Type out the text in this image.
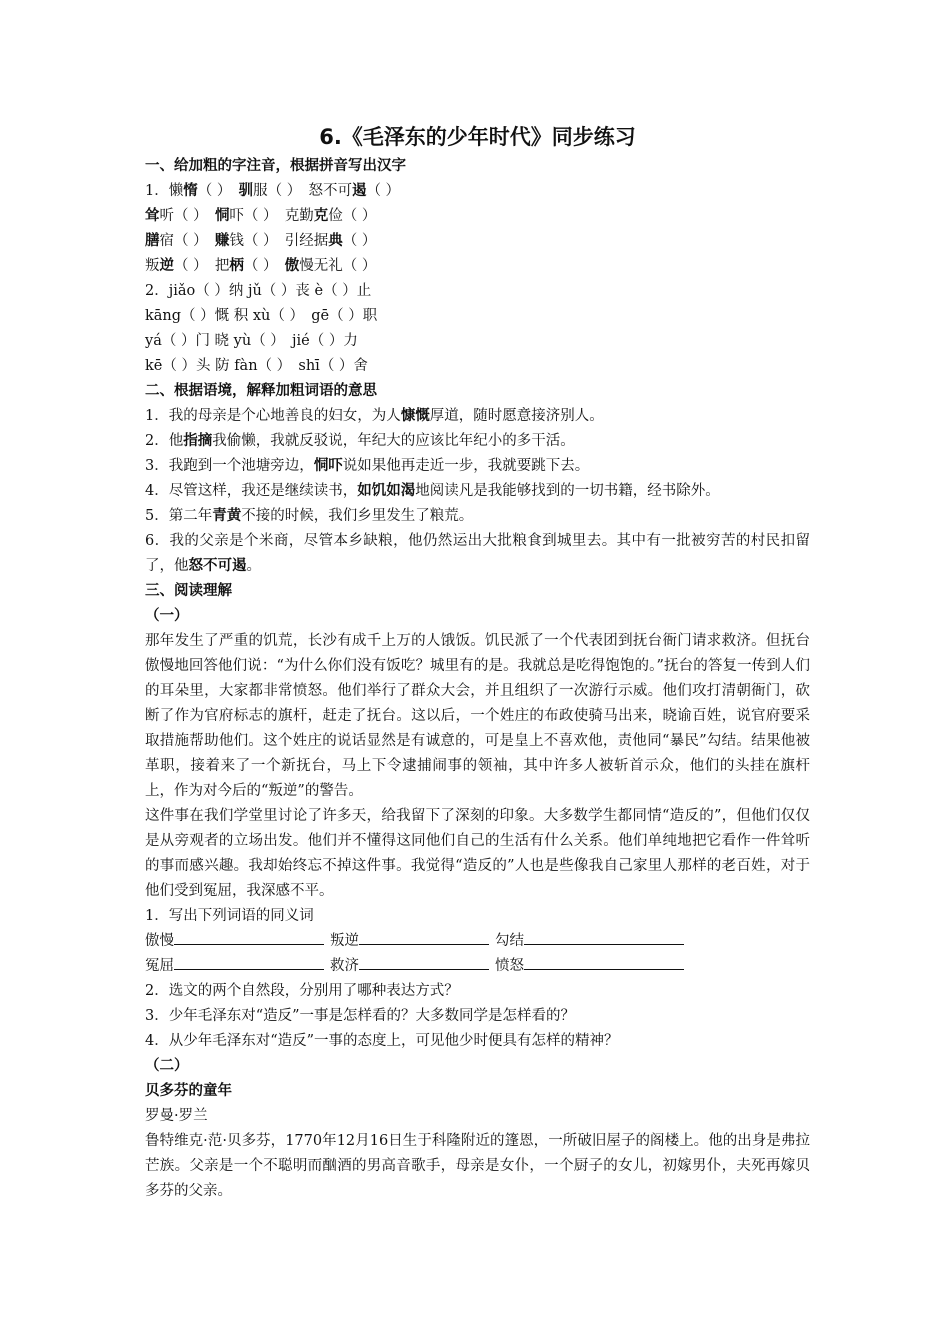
6.《毛泽东的少年时代》同步练习
一、给加粗的字注音，根据拼音写出汉字
1．懒惰（ ）　驯服（ ）　怒不可遏（ ）
耸听（ ）　恫吓（ ）　克勤克俭（ ）
膳宿（ ）　赚钱（ ）　引经据典（ ）
叛逆（ ）　把柄（ ）　傲慢无礼（ ）
2．jiǎo（ ）纳 jǔ（ ）丧 è（ ）止
kāng（ ）慨 积 xù（ ）　gē（ ）职
yá（ ）门 晓 yù（ ）　jié（ ）力
kē（ ）头 防 fàn（ ）　shī（ ）舍
二、根据语境，解释加粗词语的意思
1．我的母亲是个心地善良的妇女，为人慷慨厚道，随时愿意接济别人。
2．他指摘我偷懒，我就反驳说，年纪大的应该比年纪小的多干活。
3．我跑到一个池塘旁边，恫吓说如果他再走近一步，我就要跳下去。
4．尽管这样，我还是继续读书，如饥如渴地阅读凡是我能够找到的一切书籍，经书除外。
5．第二年青黄不接的时候，我们乡里发生了粮荒。
6．我的父亲是个米商，尽管本乡缺粮，他仍然运出大批粮食到城里去。其中有一批被穷苦的村民扣留了，他怒不可遏。
三、阅读理解
（一）
那年发生了严重的饥荒，长沙有成千上万的人饿饭。饥民派了一个代表团到抚台衙门请求救济。但抚台傲慢地回答他们说：“为什么你们没有饭吃？城里有的是。我就总是吃得饱饱的。”抚台的答复一传到人们的耳朵里，大家都非常愤怒。他们举行了群众大会，并且组织了一次游行示威。他们攻打清朝衙门，砍断了作为官府标志的旗杆，赶走了抚台。这以后，一个姓庄的布政使骑马出来，晓谕百姓，说官府要采取措施帮助他们。这个姓庄的说话显然是有诚意的，可是皇上不喜欢他，责他同“暴民”勾结。结果他被革职，接着来了一个新抚台，马上下令逮捕闹事的领袖，其中许多人被斩首示众，他们的头挂在旗杆上，作为对今后的“叛逆”的警告。
这件事在我们学堂里讨论了许多天，给我留下了深刻的印象。大多数学生都同情“造反的”，但他们仅仅是从旁观者的立场出发。他们并不懂得这同他们自己的生活有什么关系。他们单纯地把它看作一件耸听的事而感兴趣。我却始终忘不掉这件事。我觉得“造反的”人也是些像我自己家里人那样的老百姓，对于他们受到冤屈，我深感不平。
1．写出下列词语的同义词
傲慢	叛逆	勾结
冤屈	救济	愤怒
2．选文的两个自然段，分别用了哪种表达方式？
3．少年毛泽东对“造反”一事是怎样看的？大多数同学是怎样看的？
4．从少年毛泽东对“造反”一事的态度上，可见他少时便具有怎样的精神？
（二）
贝多芬的童年
罗曼·罗兰
鲁特维克·范·贝多芬，1770年12月16日生于科隆附近的篷恩，一所破旧屋子的阁楼上。他的出身是弗拉芒族。父亲是一个不聪明而酗酒的男高音歌手，母亲是女仆，一个厨子的女儿，初嫁男仆，夫死再嫁贝多芬的父亲。
